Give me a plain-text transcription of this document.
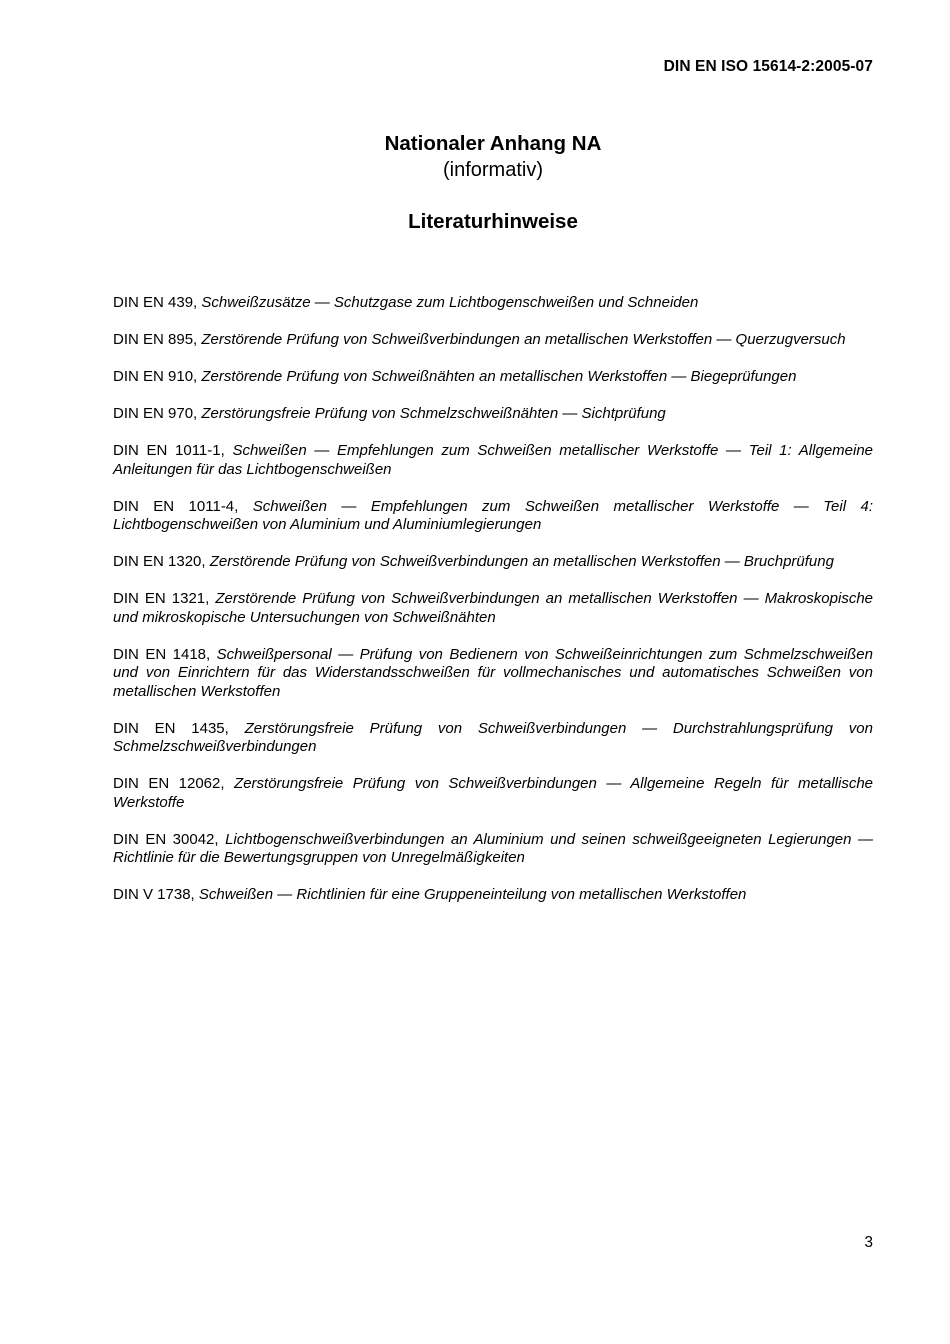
DIN EN ISO 15614-2:2005-07
Nationaler Anhang NA
(informativ)
Literaturhinweise

DIN EN 439, Schweißzusätze — Schutzgase zum Lichtbogenschweißen und Schneiden

DIN EN 895, Zerstörende Prüfung von Schweißverbindungen an metallischen Werkstoffen — Querzugversuch

DIN EN 910, Zerstörende Prüfung von Schweißnähten an metallischen Werkstoffen — Biegeprüfungen

DIN EN 970, Zerstörungsfreie Prüfung von Schmelzschweißnähten — Sichtprüfung

DIN EN 1011-1, Schweißen — Empfehlungen zum Schweißen metallischer Werkstoffe — Teil 1: Allgemeine Anleitungen für das Lichtbogenschweißen

DIN EN 1011-4, Schweißen — Empfehlungen zum Schweißen metallischer Werkstoffe — Teil 4: Lichtbogenschweißen von Aluminium und Aluminiumlegierungen

DIN EN 1320, Zerstörende Prüfung von Schweißverbindungen an metallischen Werkstoffen — Bruchprüfung

DIN EN 1321, Zerstörende Prüfung von Schweißverbindungen an metallischen Werkstoffen — Makroskopische und mikroskopische Untersuchungen von Schweißnähten

DIN EN 1418, Schweißpersonal — Prüfung von Bedienern von Schweißeinrichtungen zum Schmelzschweißen und von Einrichtern für das Widerstandsschweißen für vollmechanisches und automatisches Schweißen von metallischen Werkstoffen

DIN EN 1435, Zerstörungsfreie Prüfung von Schweißverbindungen — Durchstrahlungsprüfung von Schmelzschweißverbindungen

DIN EN 12062, Zerstörungsfreie Prüfung von Schweißverbindungen — Allgemeine Regeln für metallische Werkstoffe

DIN EN 30042, Lichtbogenschweißverbindungen an Aluminium und seinen schweißgeeigneten Legierungen — Richtlinie für die Bewertungsgruppen von Unregelmäßigkeiten

DIN V 1738, Schweißen — Richtlinien für eine Gruppeneinteilung von metallischen Werkstoffen

3
